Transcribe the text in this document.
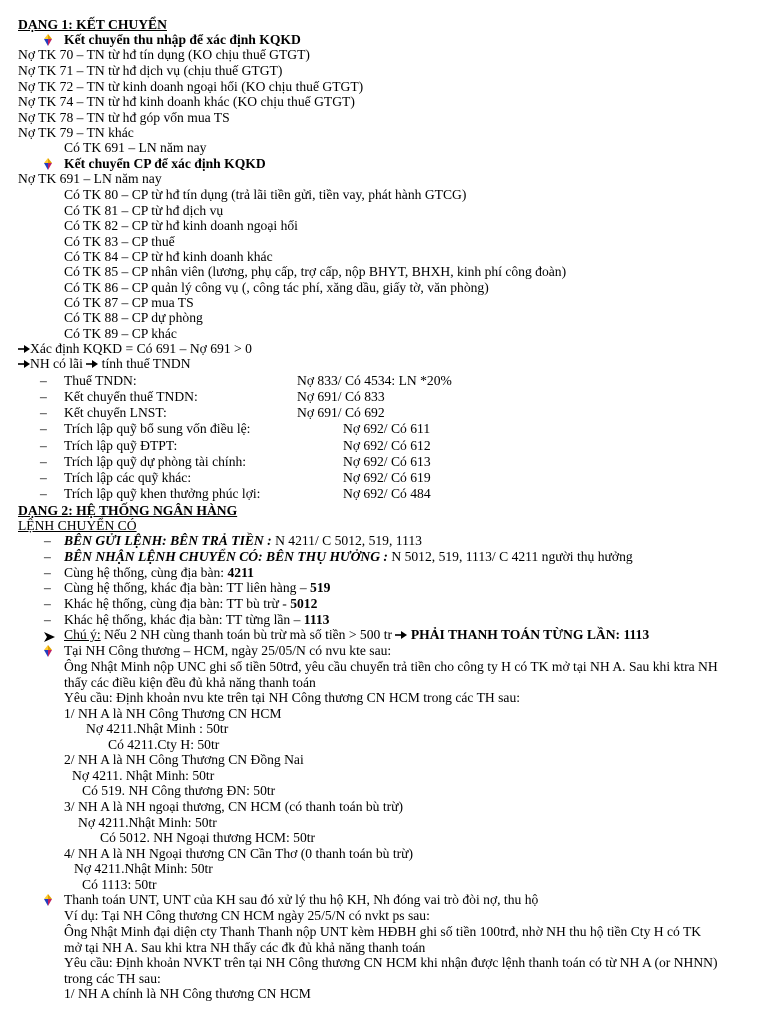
DẠNG 1: KẾT CHUYỂN
Kết chuyển thu nhập để xác định KQKD
Nợ TK 70 – TN từ hđ tín dụng (KO chịu thuế GTGT)
Nợ TK 71 – TN từ hđ dịch vụ (chịu thuế GTGT)
Nợ TK 72 – TN từ kinh doanh ngoại hối (KO chịu thuế GTGT)
Nợ TK 74 – TN từ hđ kinh doanh khác (KO chịu thuế GTGT)
Nợ TK 78 – TN từ hđ góp vốn mua TS
Nợ TK 79 – TN khác
Có TK 691 – LN năm nay
Kết chuyển CP để xác định KQKD
Nợ TK 691 – LN năm nay
Có TK 80 – CP từ hđ tín dụng (trả lãi tiền gửi, tiền vay, phát hành GTCG)
Có TK 81 – CP từ hđ dịch vụ
Có TK 82 – CP từ hđ kinh doanh ngoại hối
Có TK 83 – CP thuế
Có TK 84 – CP từ hđ kinh doanh khác
Có TK 85 – CP nhân viên (lương, phụ cấp, trợ cấp, nộp BHYT, BHXH, kinh phí công đoàn)
Có TK 86 – CP quản lý công vụ (, công tác phí, xăng dầu, giấy tờ, văn phòng)
Có TK 87 – CP mua TS
Có TK 88 – CP dự phòng
Có TK 89 – CP khác
Xác định KQKD = Có 691 – Nợ 691 > 0
NH có lãi tính thuế TNDN
– Thuế TNDN:	Nợ 833/ Có 4534: LN *20%
– Kết chuyển thuế TNDN:	Nợ 691/ Có 833
– Kết chuyển LNST:	Nợ 691/ Có 692
– Trích lập quỹ bổ sung vốn điều lệ:	Nợ 692/ Có 611
– Trích lập quỹ ĐTPT:	Nợ 692/ Có 612
– Trích lập quỹ dự phòng tài chính:	Nợ 692/ Có 613
– Trích lập các quỹ khác:	Nợ 692/ Có 619
– Trích lập quỹ khen thưởng phúc lợi:	Nợ 692/ Có 484
DẠNG 2: HỆ THỐNG NGÂN HÀNG
LỆNH CHUYỂN CÓ
– BÊN GỬI LỆNH: BÊN TRẢ TIỀN : N 4211/ C 5012, 519, 1113
– BÊN NHẬN LỆNH CHUYỂN CÓ: BÊN THỤ HƯỞNG : N 5012, 519, 1113/ C 4211 người thụ hưởng
– Cùng hệ thống, cùng địa bàn: 4211
– Cùng hệ thống, khác địa bàn: TT liên hàng – 519
– Khác hệ thống, cùng địa bàn: TT bù trừ - 5012
– Khác hệ thống, khác địa bàn: TT từng lần – 1113
Chú ý: Nếu 2 NH cùng thanh toán bù trừ mà số tiền > 500 tr PHẢI THANH TOÁN TỪNG LẦN: 1113
Tại NH Công thương – HCM, ngày 25/05/N có nvu kte sau:
Ông Nhật Minh nộp UNC ghi số tiền 50trđ, yêu cầu chuyển trả tiền cho công ty H có TK mở tại NH A. Sau khi ktra NH
thấy các điều kiện đều đủ khả năng thanh toán
Yêu cầu: Định khoản nvu kte trên tại NH Công thương CN HCM trong các TH sau:
1/ NH A là NH Công Thương CN HCM
Nợ 4211.Nhật Minh : 50tr
Có 4211.Cty H: 50tr
2/ NH A là NH Công Thương CN Đồng Nai
Nợ 4211. Nhật Minh: 50tr
Có 519. NH Công thương ĐN: 50tr
3/ NH A là NH ngoại thương, CN HCM (có thanh toán bù trừ)
Nợ 4211.Nhật Minh: 50tr
Có 5012. NH Ngoại thương HCM: 50tr
4/ NH A là NH Ngoại thương CN Cần Thơ (0 thanh toán bù trừ)
Nợ 4211.Nhật Minh: 50tr
Có 1113: 50tr
Thanh toán UNT, UNT của KH sau đó xử lý thu hộ KH, Nh đóng vai trò đòi nợ, thu hộ
Ví dụ: Tại NH Công thương CN HCM ngày 25/5/N có nvkt ps sau:
Ông Nhật Minh đại diện cty Thanh Thanh nộp UNT kèm HĐBH ghi số tiền 100trđ, nhờ NH thu hộ tiền Cty H có TK
mở tại NH A. Sau khi ktra NH thấy các đk đủ khả năng thanh toán
Yêu cầu: Định khoản NVKT trên tại NH Công thương CN HCM khi nhận được lệnh thanh toán có từ NH A (or NHNN)
trong các TH sau:
1/ NH A chính là NH Công thương CN HCM
